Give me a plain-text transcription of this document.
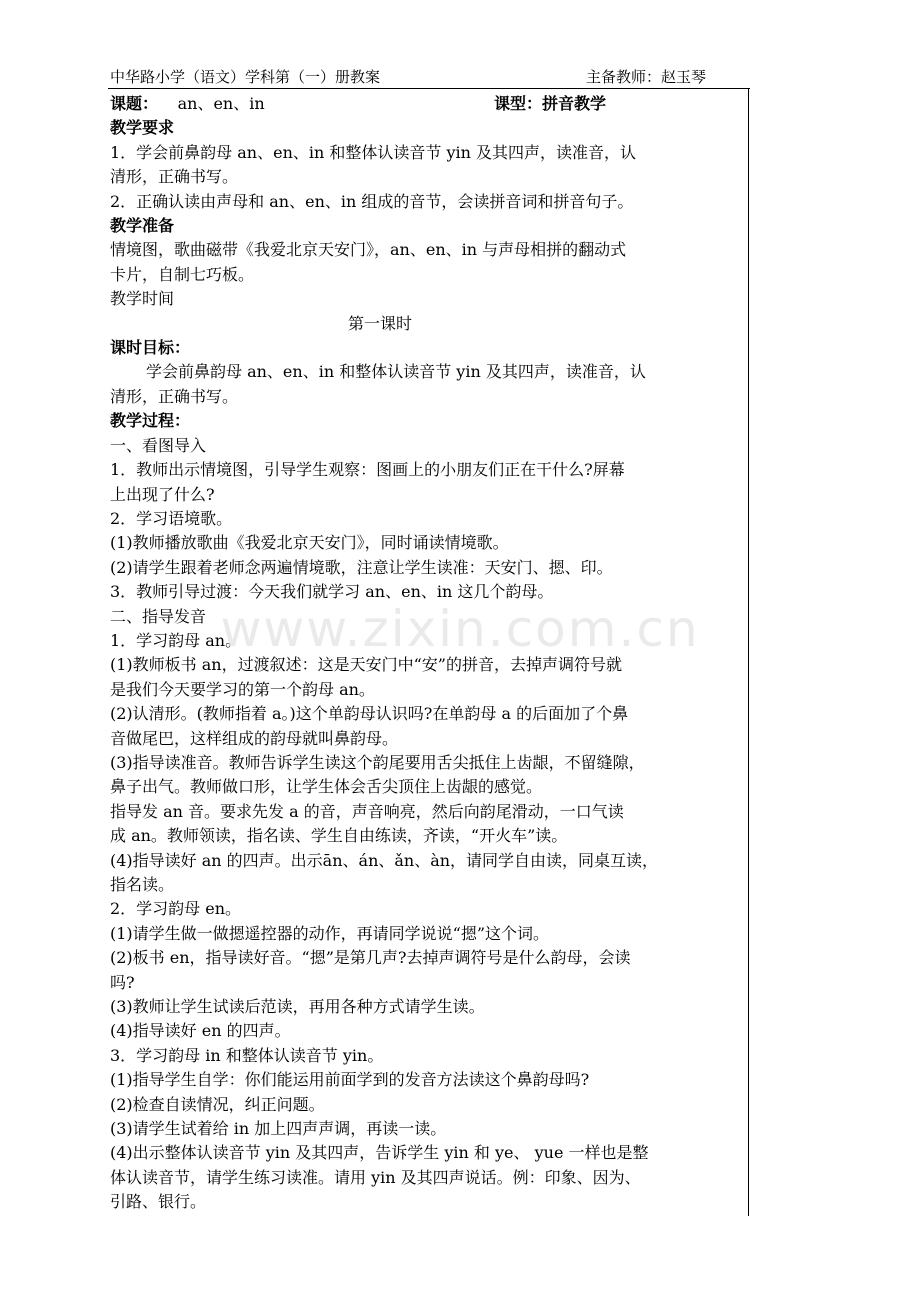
中华路小学（语文）学科第（一）册教案	主备教师：赵玉琴
课题： an、en、in	课型：拼音教学
教学要求
1．学会前鼻韵母 an、en、in 和整体认读音节 yin 及其四声，读准音，认
清形，正确书写。
2．正确认读由声母和 an、en、in 组成的音节，会读拼音词和拼音句子。
教学准备
情境图，歌曲磁带《我爱北京天安门》，an、en、in 与声母相拼的翻动式
卡片，自制七巧板。
教学时间
第一课时
课时目标：
学会前鼻韵母 an、en、in 和整体认读音节 yin 及其四声，读准音，认
清形，正确书写。
教学过程：
一、看图导入
1．教师出示情境图，引导学生观察：图画上的小朋友们正在干什么?屏幕
上出现了什么?
2．学习语境歌。
(1)教师播放歌曲《我爱北京天安门》，同时诵读情境歌。
(2)请学生跟着老师念两遍情境歌，注意让学生读准：天安门、摁、印。
3．教师引导过渡：今天我们就学习 an、en、in 这几个韵母。
二、指导发音
1．学习韵母 an。
(1)教师板书 an，过渡叙述：这是天安门中“安”的拼音，去掉声调符号就
是我们今天要学习的第一个韵母 an。
(2)认清形。(教师指着 a。)这个单韵母认识吗?在单韵母 a 的后面加了个鼻
音做尾巴，这样组成的韵母就叫鼻韵母。
(3)指导读准音。教师告诉学生读这个韵尾要用舌尖抵住上齿龈，不留缝隙，
鼻子出气。教师做口形，让学生体会舌尖顶住上齿龈的感觉。
指导发 an 音。要求先发 a 的音，声音响亮，然后向韵尾滑动，一口气读
成 an。教师领读，指名读、学生自由练读，齐读，“开火车”读。
(4)指导读好 an 的四声。出示ān、án、ǎn、àn，请同学自由读，同桌互读，
指名读。
2．学习韵母 en。
(1)请学生做一做摁遥控器的动作，再请同学说说“摁”这个词。
(2)板书 en，指导读好音。“摁”是第几声?去掉声调符号是什么韵母，会读
吗?
(3)教师让学生试读后范读，再用各种方式请学生读。
(4)指导读好 en 的四声。
3．学习韵母 in 和整体认读音节 yin。
(1)指导学生自学：你们能运用前面学到的发音方法读这个鼻韵母吗?
(2)检查自读情况，纠正问题。
(3)请学生试着给 in 加上四声声调，再读一读。
(4)出示整体认读音节 yin 及其四声，告诉学生 yin 和 ye、 yue 一样也是整
体认读音节，请学生练习读准。请用 yin 及其四声说话。例：印象、因为、
引路、银行。
www.zixin.com.cn
